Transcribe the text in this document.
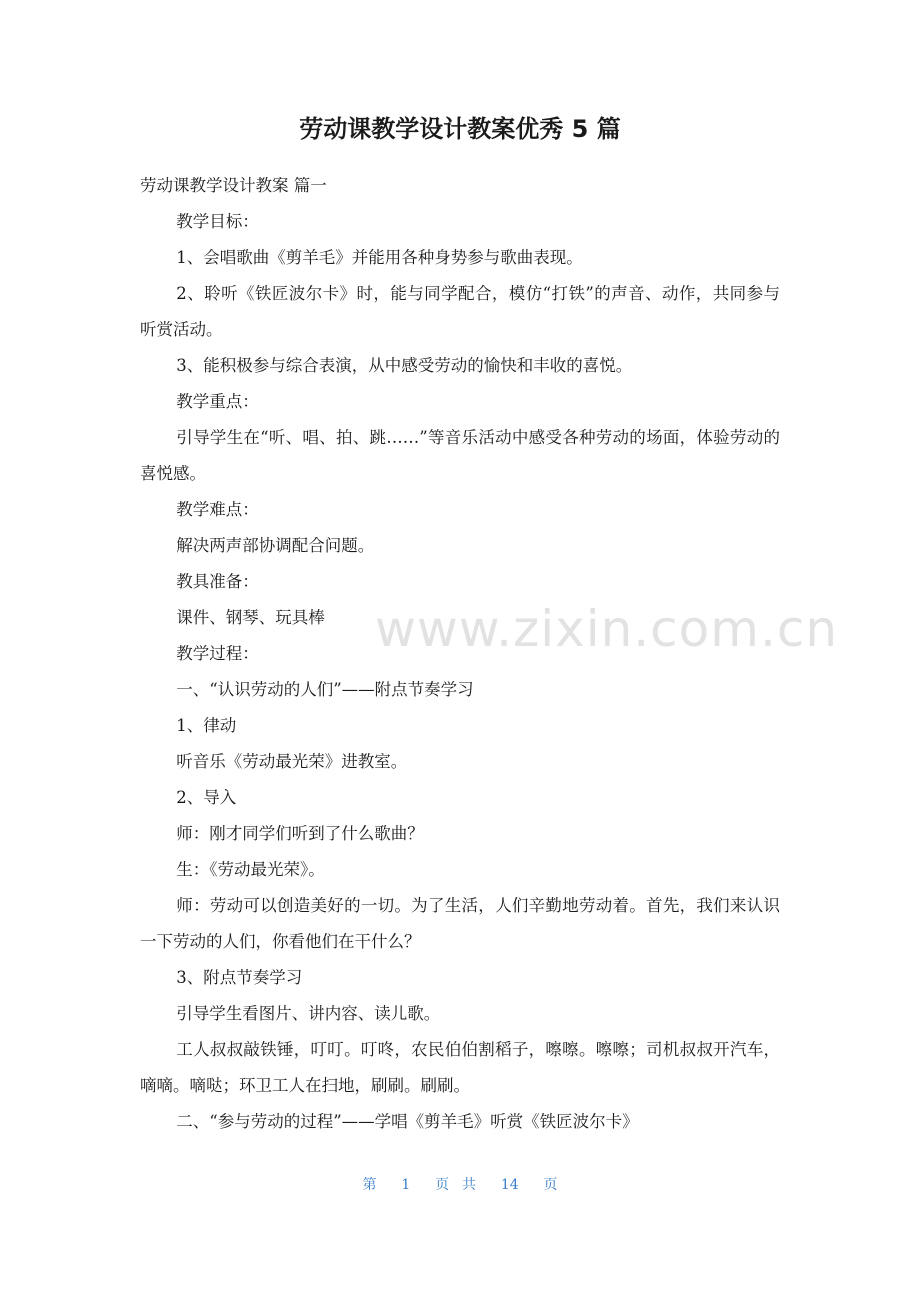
劳动课教学设计教案优秀 5 篇

劳动课教学设计教案 篇一

教学目标：

1、会唱歌曲《剪羊毛》并能用各种身势参与歌曲表现。

2、聆听《铁匠波尔卡》时，能与同学配合，模仿“打铁”的声音、动作，共同参与听赏活动。

3、能积极参与综合表演，从中感受劳动的愉快和丰收的喜悦。

教学重点：

引导学生在“听、唱、拍、跳……”等音乐活动中感受各种劳动的场面，体验劳动的喜悦感。

教学难点：

解决两声部协调配合问题。

教具准备：

课件、钢琴、玩具棒

教学过程：

一、“认识劳动的人们”——附点节奏学习

1、律动

听音乐《劳动最光荣》进教室。

2、导入

师：刚才同学们听到了什么歌曲？

生：《劳动最光荣》。

师：劳动可以创造美好的一切。为了生活，人们辛勤地劳动着。首先，我们来认识一下劳动的人们，你看他们在干什么？

3、附点节奏学习

引导学生看图片、讲内容、读儿歌。

工人叔叔敲铁锤，叮叮。叮咚，农民伯伯割稻子，嚓嚓。嚓嚓；司机叔叔开汽车，嘀嘀。嘀哒；环卫工人在扫地，刷刷。刷刷。

二、“参与劳动的过程”——学唱《剪羊毛》听赏《铁匠波尔卡》

www.zixin.com.cn
第 1 页 共 14 页
